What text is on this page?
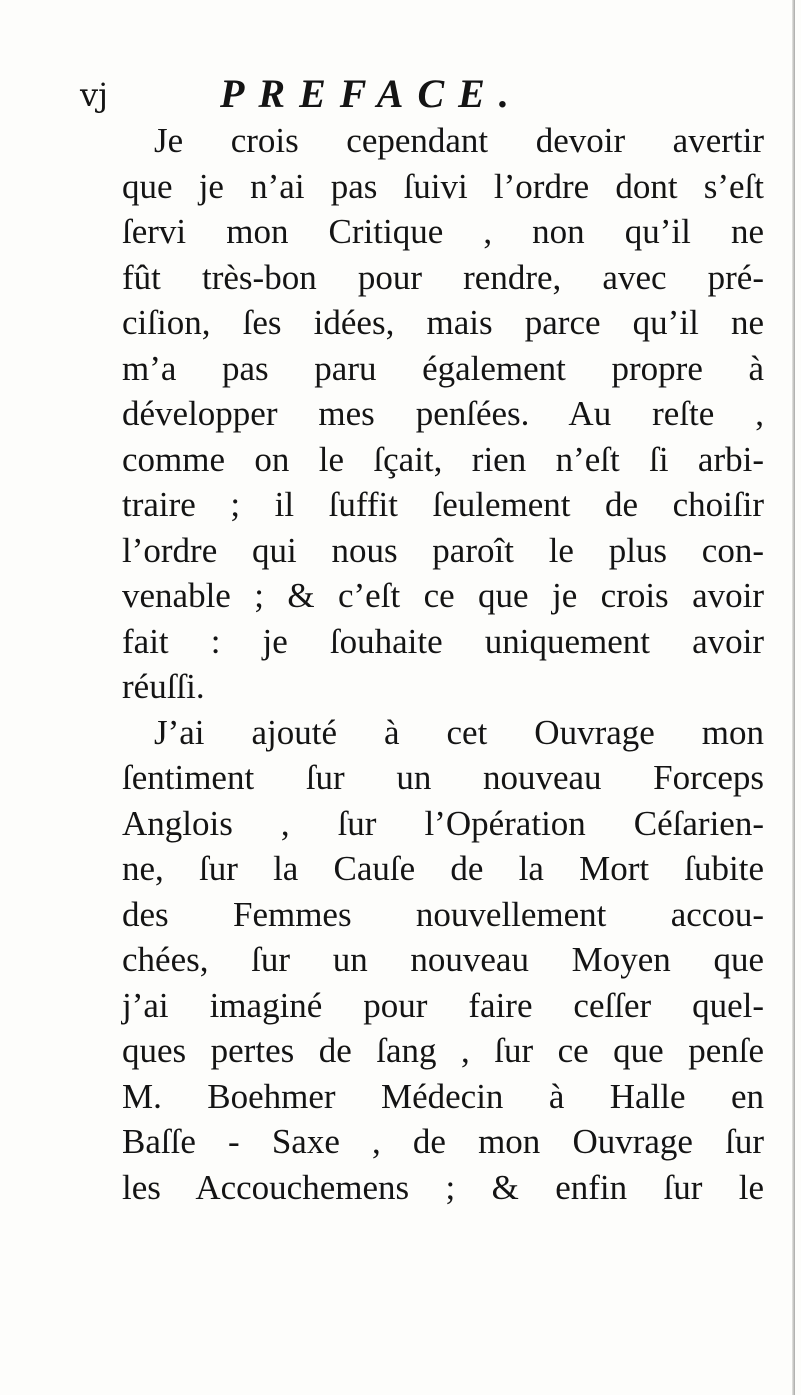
vj	PREFACE.
Je crois cependant devoir avertir
que je n’ai pas ſuivi l’ordre dont s’eſt
ſervi mon Critique , non qu’il ne
fût très-bon pour rendre, avec pré-
ciſion, ſes idées, mais parce qu’il ne
m’a pas paru également propre à
développer mes penſées. Au reſte ,
comme on le ſçait, rien n’eſt ſi arbi-
traire ; il ſuffit ſeulement de choiſir
l’ordre qui nous paroît le plus con-
venable ; & c’eſt ce que je crois avoir
fait : je ſouhaite uniquement avoir
réuſſi.
J’ai ajouté à cet Ouvrage mon
ſentiment ſur un nouveau Forceps
Anglois , ſur l’Opération Céſarien-
ne, ſur la Cauſe de la Mort ſubite
des Femmes nouvellement accou-
chées, ſur un nouveau Moyen que
j’ai imaginé pour faire ceſſer quel-
ques pertes de ſang , ſur ce que penſe
M. Boehmer Médecin à Halle en
Baſſe - Saxe , de mon Ouvrage ſur
les Accouchemens ; & enfin ſur le
